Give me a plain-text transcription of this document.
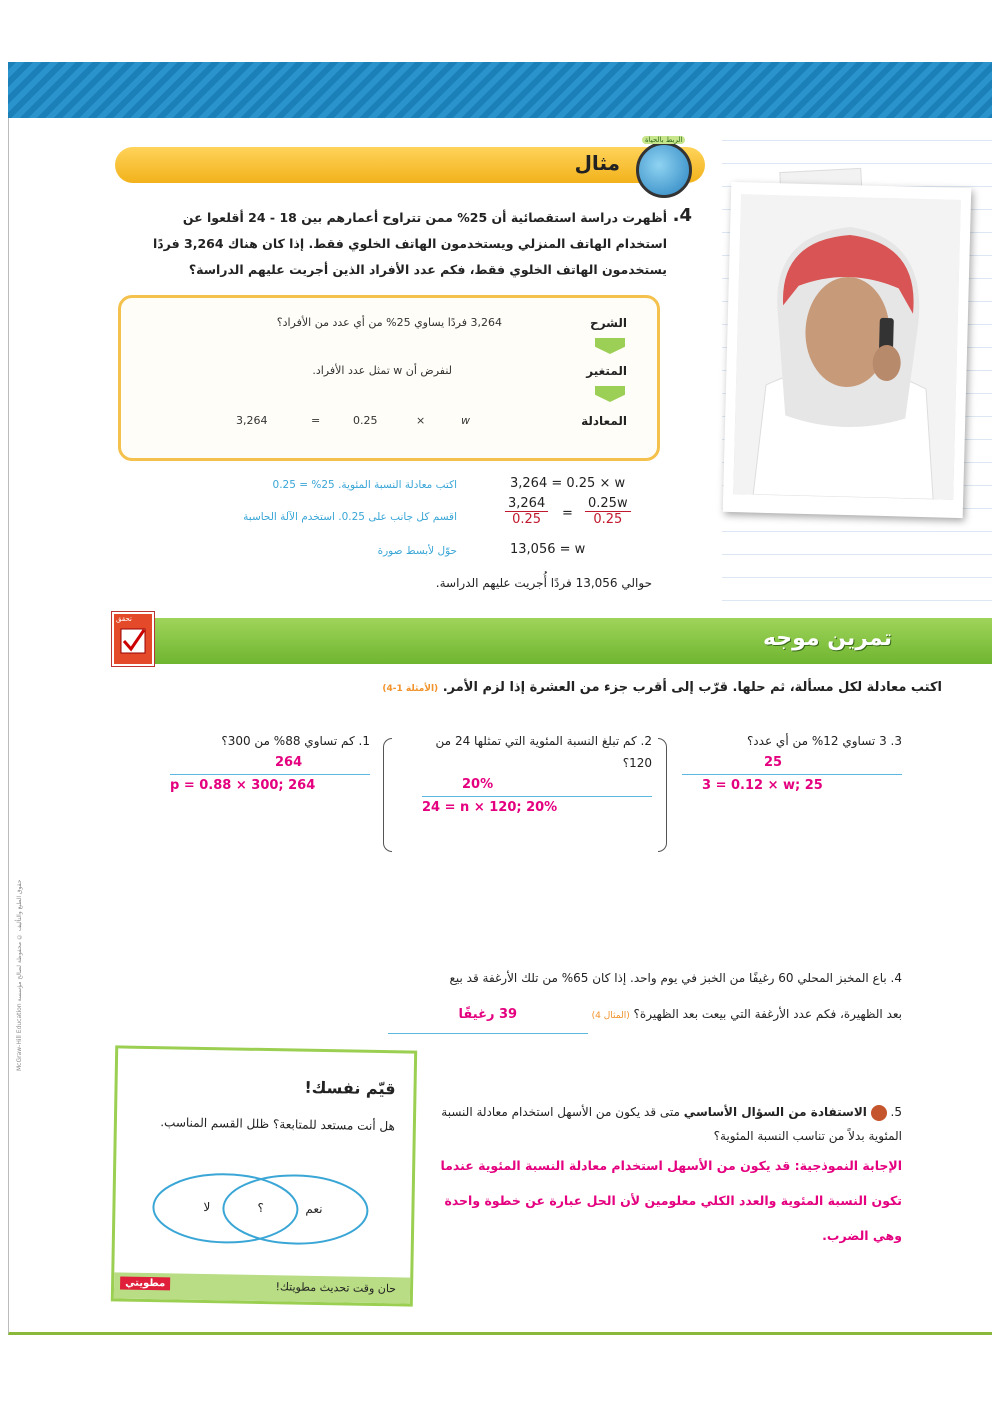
مثال
الربط بالحياة
4.
أظهرت دراسة استقصائية أن 25% ممن تتراوح أعمارهم بين 18 - 24 أقلعوا عن استخدام الهاتف المنزلي ويستخدمون الهاتف الخلوي فقط. إذا كان هناك 3,264 فردًا يستخدمون الهاتف الخلوي فقط، فكم عدد الأفراد الذين أجريت عليهم الدراسة؟
الشرح
3,264 فردًا يساوي 25% من أي عدد من الأفراد؟
المتغير
لنفرض أن w تمثل عدد الأفراد.
المعادلة
3,264	=	0.25	×	w
3,264 = 0.25 × w
اكتب معادلة النسبة المئوية. 25% = 0.25
$\frac{3,264}{0.25} = \frac{0.25w}{0.25}$
اقسم كل جانب على 0.25. استخدم الآلة الحاسبة
13,056 = w
حوّل لأبسط صورة
حوالي 13,056 فردًا أُجريت عليهم الدراسة.
تمرين موجه
تحقق
اكتب معادلة لكل مسألة، ثم حلها. قرّب إلى أقرب جزء من العشرة إذا لزم الأمر. (الأمثلة 1-4)
3. 3 تساوي 12% من أي عدد؟
25
3 = 0.12 × w; 25
2. كم تبلغ النسبة المئوية التي تمثلها 24 من 120؟
20%
24 = n × 120; 20%
1. كم تساوي 88% من 300؟
264
p = 0.88 × 300; 264
4. باع المخبز المحلي 60 رغيفًا من الخبز في يوم واحد. إذا كان 65% من تلك الأرغفة قد بيع
بعد الظهيرة، فكم عدد الأرغفة التي بيعت بعد الظهيرة؟ (المثال 4) 39 رغيفًا
5.  الاستفادة من السؤال الأساسي متى قد يكون من الأسهل استخدام معادلة النسبة المئوية بدلاً من تناسب النسبة المئوية؟
الإجابة النموذجية: قد يكون من الأسهل استخدام معادلة النسبة المئوية عندما تكون النسبة المئوية والعدد الكلي معلومين لأن الحل عبارة عن خطوة واحدة وهي الضرب.
حقوق الطبع والتأليف © محفوظة لصالح مؤسسة McGraw-Hill Education
قيّم نفسك!
هل أنت مستعد للمتابعة؟ ظلل القسم المناسب.
لا	؟	نعم
حان وقت تحديث مطويتك!
مطويتي
